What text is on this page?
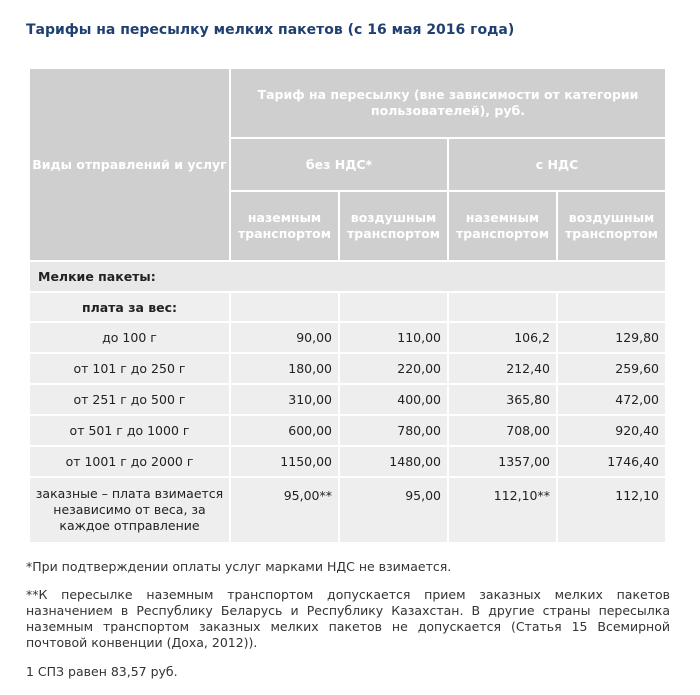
Тарифы на пересылку мелких пакетов (с 16 мая 2016 года)
Виды отправлений и услуг	Тариф на пересылку (вне зависимости от категории пользователей), руб.			
	без НДС*		с НДС	
	наземным транспортом	воздушным транспортом	наземным транспортом	воздушным транспортом
Мелкие пакеты:				
плата за вес:				
до 100 г	90,00	110,00	106,2	129,80
от 101 г до 250 г	180,00	220,00	212,40	259,60
от 251 г до 500 г	310,00	400,00	365,80	472,00
от 501 г до 1000 г	600,00	780,00	708,00	920,40
от 1001 г до 2000 г	1150,00	1480,00	1357,00	1746,40
заказные – плата взимается независимо от веса, за каждое отправление	95,00**	95,00	112,10**	112,10
*При подтверждении оплаты услуг марками НДС не взимается.
**К пересылке наземным транспортом допускается прием заказных мелких пакетов назначением в Республику Беларусь и Республику Казахстан. В другие страны пересылка наземным транспортом заказных мелких пакетов не допускается (Статья 15 Всемирной почтовой конвенции (Доха, 2012)).
1 СПЗ равен 83,57 руб.
